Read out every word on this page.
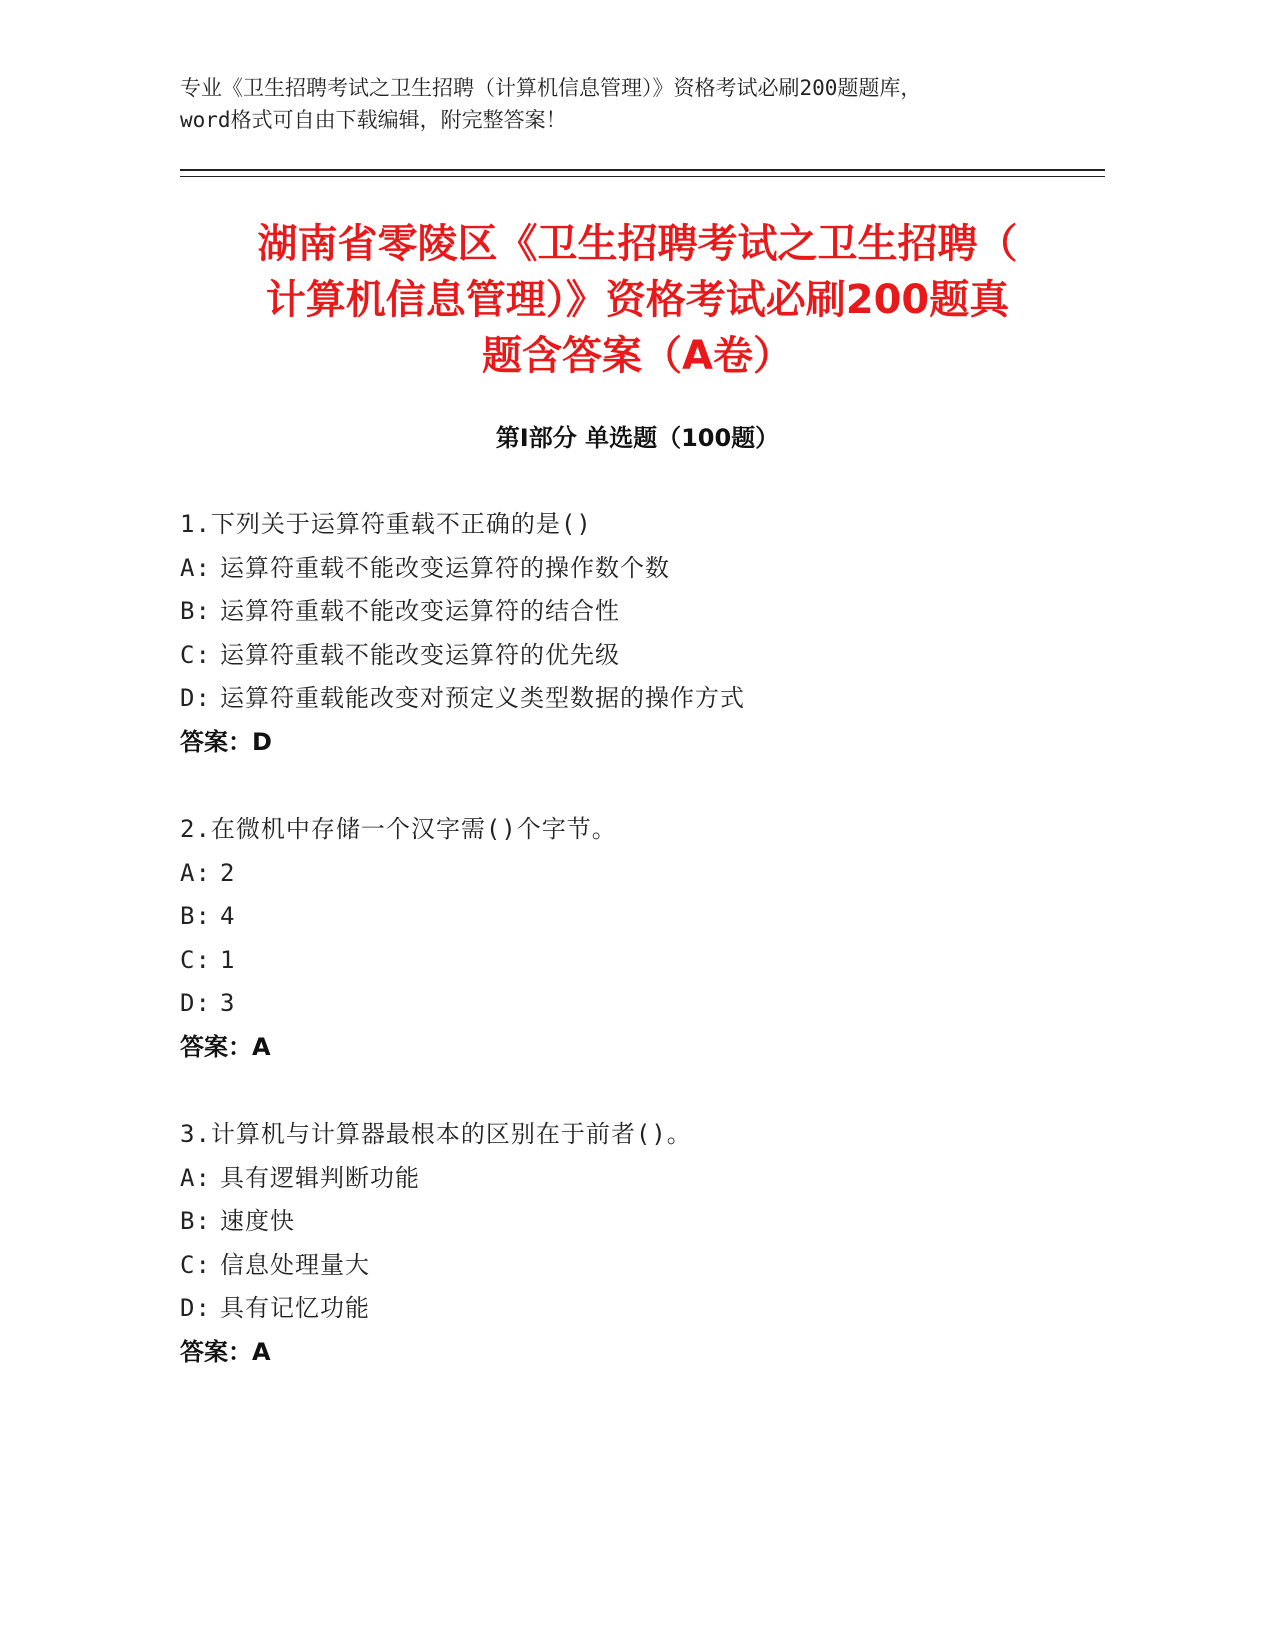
专业《卫生招聘考试之卫生招聘（计算机信息管理）》资格考试必刷200题题库，
word格式可自由下载编辑，附完整答案！
湖南省零陵区《卫生招聘考试之卫生招聘（
计算机信息管理）》资格考试必刷200题真
题含答案（A卷）
第Ⅰ部分 单选题（100题）
1.下列关于运算符重载不正确的是()
A: 运算符重载不能改变运算符的操作数个数
B: 运算符重载不能改变运算符的结合性
C: 运算符重载不能改变运算符的优先级
D: 运算符重载能改变对预定义类型数据的操作方式
答案：D
2.在微机中存储一个汉字需()个字节。
A: 2
B: 4
C: 1
D: 3
答案：A
3.计算机与计算器最根本的区别在于前者()。
A: 具有逻辑判断功能
B: 速度快
C: 信息处理量大
D: 具有记忆功能
答案：A
